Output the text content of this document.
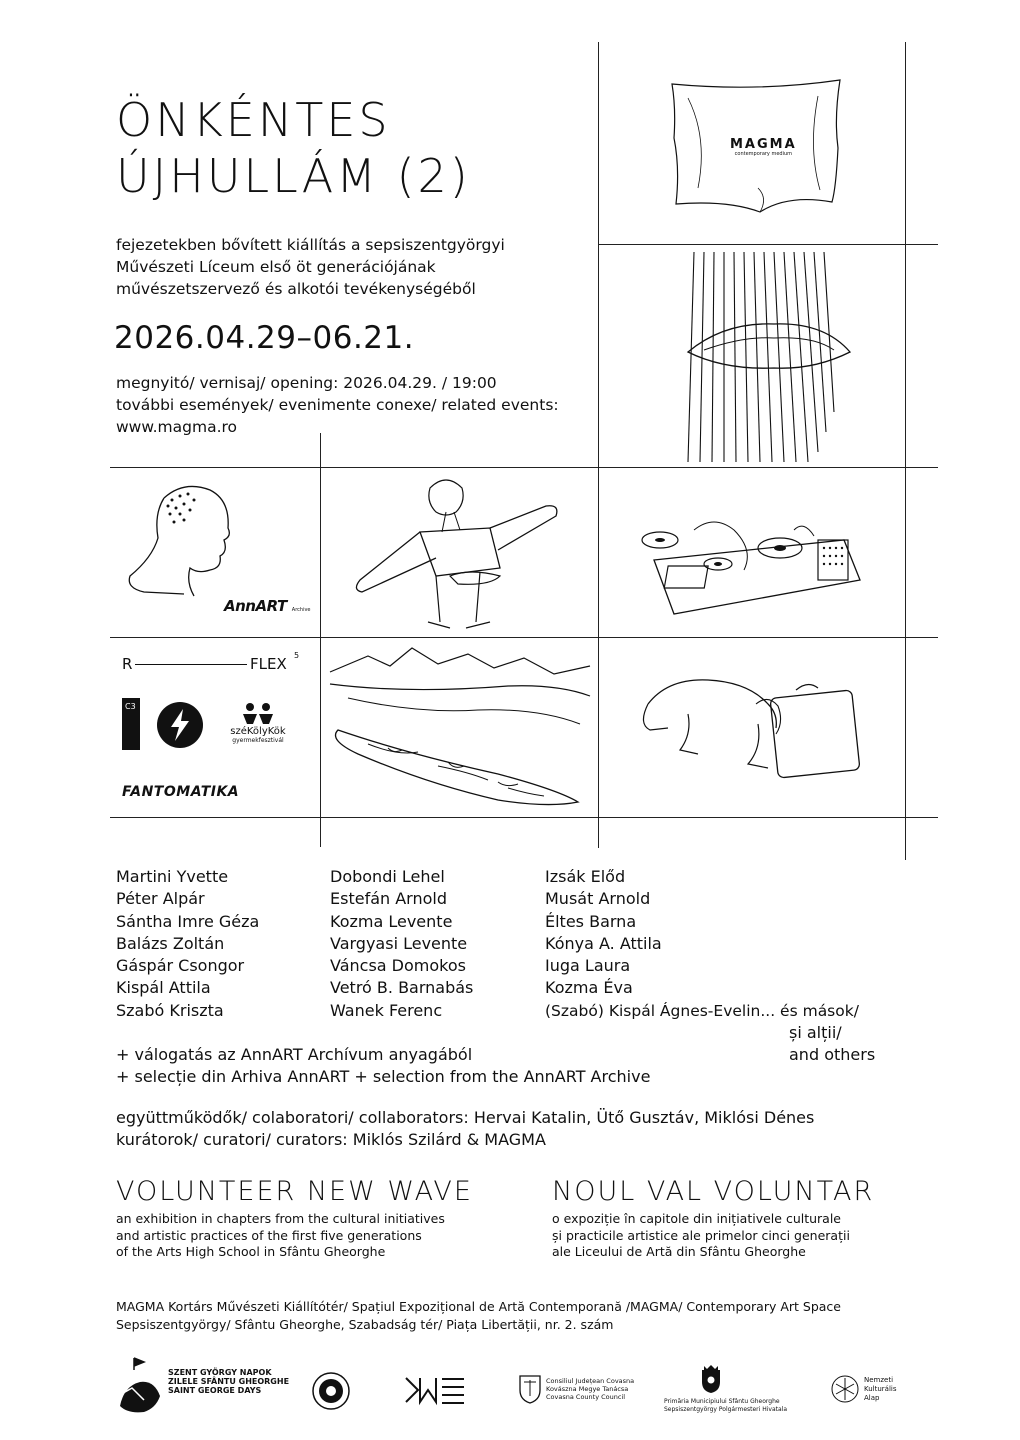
ÖNKÉNTES
ÚJHULLÁM (2)
fejezetekben bővített kiállítás a sepsiszentgyörgyi
Művészeti Líceum első öt generációjának
művészetszervező és alkotói tevékenységéből
2026.04.29–06.21.
megnyitó/ vernisaj/ opening: 2026.04.29. / 19:00
további események/ evenimente conexe/ related events:
www.magma.ro
MAGMA
contemporary medium
AnnART Archive
R	FLEX 5
C3
széKölyKök
gyermekfesztivál
FANTOMATIKA
Martini Yvette
Péter Alpár
Sántha Imre Géza
Balázs Zoltán
Gáspár Csongor
Kispál Attila
Szabó Kriszta
Dobondi Lehel
Estefán Arnold
Kozma Levente
Vargyasi Levente
Váncsa Domokos
Vetró B. Barnabás
Wanek Ferenc
Izsák Előd
Musát Arnold
Éltes Barna
Kónya A. Attila
Iuga Laura
Kozma Éva
(Szabó) Kispál Ágnes-Evelin... és mások/
și alții/
and others
+ válogatás az AnnART Archívum anyagából
+ selecție din Arhiva AnnART + selection from the AnnART Archive
együttműködők/ colaboratori/ collaborators: Hervai Katalin, Ütő Gusztáv, Miklósi Dénes
kurátorok/ curatori/ curators: Miklós Szilárd & MAGMA
VOLUNTEER NEW WAVE
an exhibition in chapters from the cultural initiatives
and artistic practices of the first five generations
of the Arts High School in Sfântu Gheorghe
NOUL VAL VOLUNTAR
o expoziție în capitole din inițiativele culturale
și practicile artistice ale primelor cinci generații
ale Liceului de Artă din Sfântu Gheorghe
MAGMA Kortárs Művészeti Kiállítótér/ Spațiul Expozițional de Artă Contemporană /MAGMA/ Contemporary Art Space
Sepsiszentgyörgy/ Sfântu Gheorghe, Szabadság tér/ Piața Libertății, nr. 2. szám
SZENT GYÖRGY NAPOK
ZILELE SFÂNTU GHEORGHE
SAINT GEORGE DAYS
Consiliul Județean Covasna
Kovászna Megye Tanácsa
Covasna County Council
Primăria Municipiului Sfântu Gheorghe
Sepsiszentgyörgy Polgármesteri Hivatala
Nemzeti
Kulturális
Alap
